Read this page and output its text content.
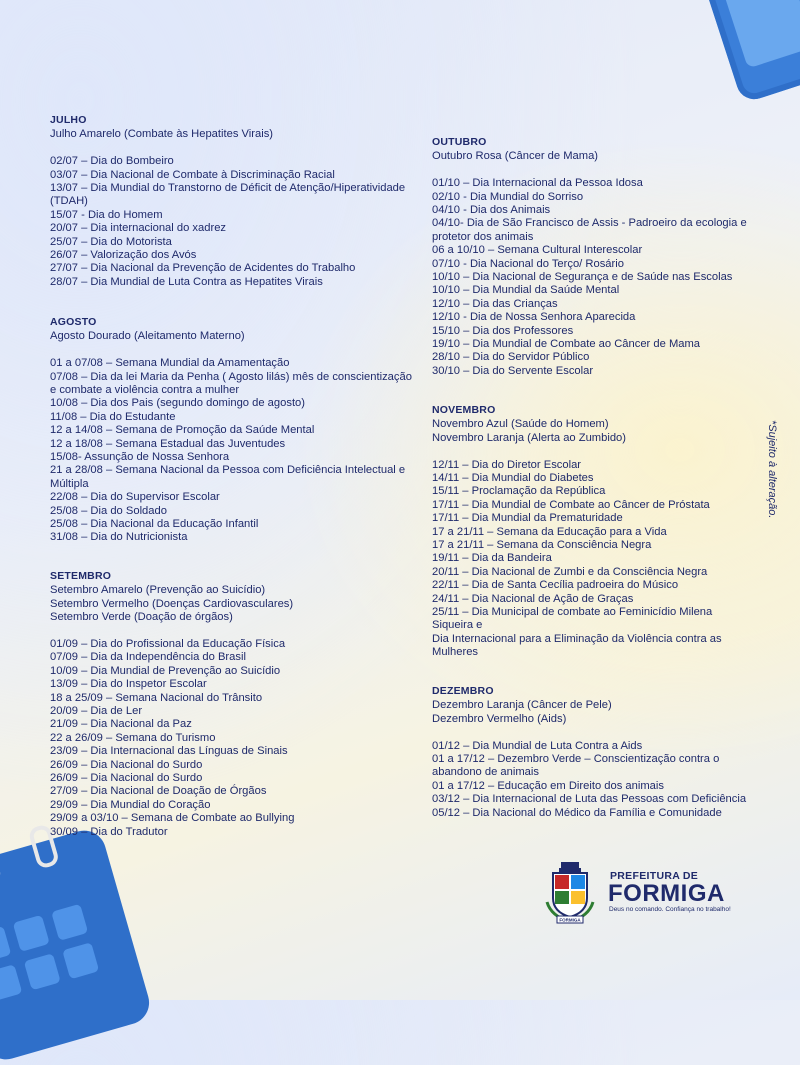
JULHO
Julho Amarelo (Combate às Hepatites Virais)
02/07 – Dia do Bombeiro
03/07 – Dia Nacional de Combate à Discriminação Racial
13/07 – Dia Mundial do Transtorno de Déficit de Atenção/Hiperatividade (TDAH)
15/07 - Dia do Homem
20/07 – Dia internacional do xadrez
25/07 – Dia do Motorista
26/07 – Valorização dos Avós
27/07 – Dia Nacional da Prevenção de Acidentes do Trabalho
28/07 – Dia Mundial de Luta Contra as Hepatites Virais
AGOSTO
Agosto Dourado (Aleitamento Materno)
01 a 07/08 – Semana Mundial da Amamentação
07/08 – Dia da lei Maria da Penha ( Agosto lilás) mês de conscientização e combate a violência contra a mulher
10/08 – Dia dos Pais (segundo domingo de agosto)
11/08 – Dia do Estudante
12 a 14/08 – Semana de Promoção da Saúde Mental
12 a 18/08 – Semana Estadual das Juventudes
15/08- Assunção de Nossa Senhora
21 a 28/08 – Semana Nacional da Pessoa com Deficiência Intelectual e Múltipla
22/08 – Dia do Supervisor Escolar
25/08 – Dia do Soldado
25/08 – Dia Nacional da Educação Infantil
31/08 – Dia do Nutricionista
SETEMBRO
Setembro Amarelo (Prevenção ao Suicídio)
Setembro Vermelho (Doenças Cardiovasculares)
Setembro Verde (Doação de órgãos)
01/09 – Dia do Profissional da Educação Física
07/09 – Dia da Independência do Brasil
10/09 – Dia Mundial de Prevenção ao Suicídio
13/09 – Dia do Inspetor Escolar
18 a 25/09 – Semana Nacional do Trânsito
20/09 – Dia de Ler
21/09 – Dia Nacional da Paz
22 a 26/09 – Semana do Turismo
23/09 – Dia Internacional das Línguas de Sinais
26/09 – Dia Nacional do Surdo
26/09 – Dia Nacional do Surdo
27/09 – Dia Nacional de Doação de Órgãos
29/09 – Dia Mundial do Coração
29/09 a 03/10 – Semana de Combate ao Bullying
30/09 – Dia do Tradutor
OUTUBRO
Outubro Rosa (Câncer de Mama)
01/10 – Dia Internacional da Pessoa Idosa
02/10 - Dia Mundial do Sorriso
04/10 - Dia dos Animais
04/10- Dia de São Francisco de Assis - Padroeiro da ecologia e protetor dos animais
06 a 10/10 – Semana Cultural Interescolar
07/10 - Dia Nacional do Terço/ Rosário
10/10 – Dia Nacional de Segurança e de Saúde nas Escolas
10/10 – Dia Mundial da Saúde Mental
12/10 – Dia das Crianças
12/10 - Dia de Nossa Senhora Aparecida
15/10 – Dia dos Professores
19/10 – Dia Mundial de Combate ao Câncer de Mama
28/10 – Dia do Servidor Público
30/10 – Dia do Servente Escolar
NOVEMBRO
Novembro Azul (Saúde do Homem)
Novembro Laranja (Alerta ao Zumbido)
12/11 – Dia do Diretor Escolar
14/11 – Dia Mundial do Diabetes
15/11 – Proclamação da República
17/11 – Dia Mundial de Combate ao Câncer de Próstata
17/11 – Dia Mundial da Prematuridade
17 a 21/11 – Semana da Educação para a Vida
17 a 21/11 – Semana da Consciência Negra
19/11 – Dia da Bandeira
20/11 – Dia Nacional de Zumbi e da Consciência Negra
22/11 – Dia de Santa Cecília padroeira do Músico
24/11 – Dia Nacional de Ação de Graças
25/11 – Dia Municipal de combate ao Feminicídio Milena Siqueira e
Dia Internacional para a Eliminação da Violência contra as Mulheres
DEZEMBRO
Dezembro Laranja (Câncer de Pele)
Dezembro Vermelho (Aids)
01/12 – Dia Mundial de Luta Contra a Aids
01 a 17/12 – Dezembro Verde – Conscientização contra o abandono de animais
01 a 17/12 – Educação em Direito dos animais
03/12 – Dia Internacional de Luta das Pessoas com Deficiência
05/12 – Dia Nacional do Médico da Família e Comunidade
*Sujeito à alteração.
FORMIGA
PREFEITURA DE
FORMIGA
Deus no comando. Confiança no trabalho!
